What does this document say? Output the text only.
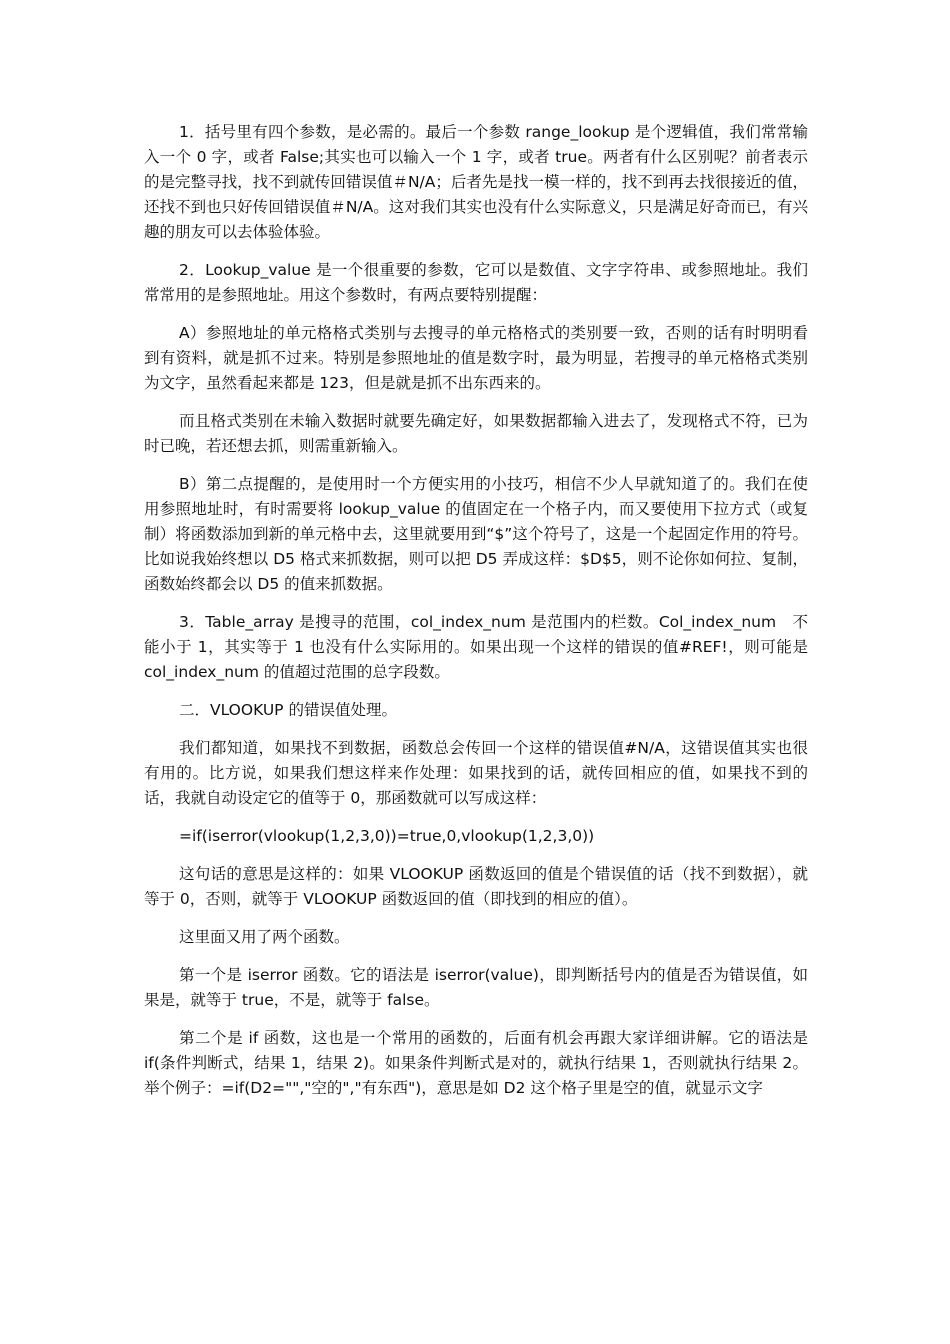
1．括号里有四个参数，是必需的。最后一个参数 range_lookup 是个逻辑值，我们常常输入一个 0 字，或者 False;其实也可以输入一个 1 字，或者 true。两者有什么区别呢？前者表示的是完整寻找，找不到就传回错误值＃N/A；后者先是找一模一样的，找不到再去找很接近的值，还找不到也只好传回错误值＃N/A。这对我们其实也没有什么实际意义，只是满足好奇而已，有兴趣的朋友可以去体验体验。

2．Lookup_value 是一个很重要的参数，它可以是数值、文字字符串、或参照地址。我们常常用的是参照地址。用这个参数时，有两点要特别提醒：

A）参照地址的单元格格式类别与去搜寻的单元格格式的类别要一致，否则的话有时明明看到有资料，就是抓不过来。特别是参照地址的值是数字时，最为明显，若搜寻的单元格格式类别为文字，虽然看起来都是 123，但是就是抓不出东西来的。

而且格式类别在未输入数据时就要先确定好，如果数据都输入进去了，发现格式不符，已为时已晚，若还想去抓，则需重新输入。

B）第二点提醒的，是使用时一个方便实用的小技巧，相信不少人早就知道了的。我们在使用参照地址时，有时需要将 lookup_value 的值固定在一个格子内，而又要使用下拉方式（或复制）将函数添加到新的单元格中去，这里就要用到“$”这个符号了，这是一个起固定作用的符号。比如说我始终想以 D5 格式来抓数据，则可以把 D5 弄成这样：$D$5，则不论你如何拉、复制，函数始终都会以 D5 的值来抓数据。

3．Table_array 是搜寻的范围，col_index_num 是范围内的栏数。Col_index_num　不能小于 1，其实等于 1 也没有什么实际用的。如果出现一个这样的错误的值#REF!，则可能是 col_index_num 的值超过范围的总字段数。

二．VLOOKUP 的错误值处理。

我们都知道，如果找不到数据，函数总会传回一个这样的错误值#N/A，这错误值其实也很有用的。比方说，如果我们想这样来作处理：如果找到的话，就传回相应的值，如果找不到的话，我就自动设定它的值等于 0，那函数就可以写成这样：

=if(iserror(vlookup(1,2,3,0))=true,0,vlookup(1,2,3,0))

这句话的意思是这样的：如果 VLOOKUP 函数返回的值是个错误值的话（找不到数据），就等于 0，否则，就等于 VLOOKUP 函数返回的值（即找到的相应的值）。

这里面又用了两个函数。

第一个是 iserror 函数。它的语法是 iserror(value)，即判断括号内的值是否为错误值，如果是，就等于 true，不是，就等于 false。

第二个是 if 函数，这也是一个常用的函数的，后面有机会再跟大家详细讲解。它的语法是 if(条件判断式，结果 1，结果 2)。如果条件判断式是对的，就执行结果 1，否则就执行结果 2。举个例子：=if(D2="","空的","有东西")，意思是如 D2 这个格子里是空的值，就显示文字
